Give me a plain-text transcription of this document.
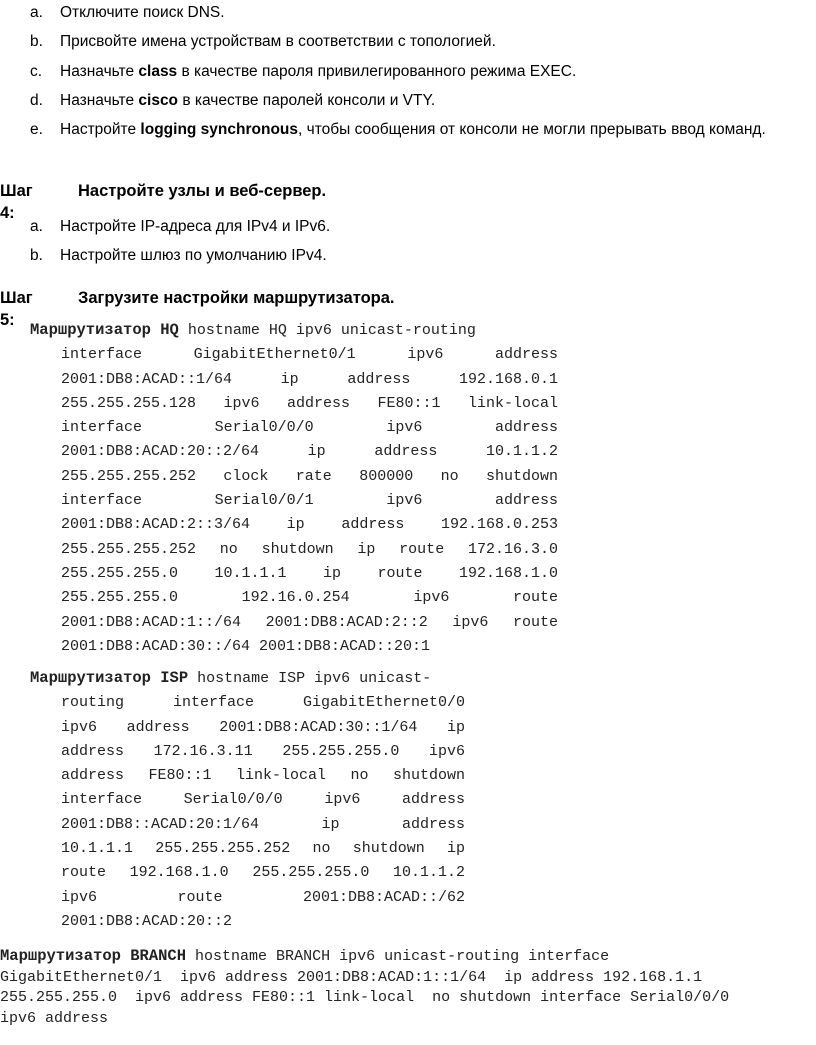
a. Отключите поиск DNS.
b. Присвойте имена устройствам в соответствии с топологией.
c. Назначьте class в качестве пароля привилегированного режима EXEC.
d. Назначьте cisco в качестве паролей консоли и VTY.
e. Настройте logging synchronous, чтобы сообщения от консоли не могли прерывать ввод команд.
Шаг 4:
Настройте узлы и веб-сервер.
a. Настройте IP-адреса для IPv4 и IPv6.
b. Настройте шлюз по умолчанию IPv4.
Шаг 5:
Загрузите настройки маршрутизатора.
Маршрутизатор HQ hostname HQ ipv6 unicast-routing
interface GigabitEthernet0/1 ipv6 address
2001:DB8:ACAD::1/64 ip address 192.168.0.1
255.255.255.128 ipv6 address FE80::1 link-local
interface Serial0/0/0 ipv6 address
2001:DB8:ACAD:20::2/64 ip address 10.1.1.2
255.255.255.252 clock rate 800000 no shutdown
interface Serial0/0/1 ipv6 address
2001:DB8:ACAD:2::3/64 ip address 192.168.0.253
255.255.255.252 no shutdown ip route 172.16.3.0
255.255.255.0 10.1.1.1 ip route 192.168.1.0
255.255.255.0 192.16.0.254 ipv6 route
2001:DB8:ACAD:1::/64 2001:DB8:ACAD:2::2 ipv6 route
2001:DB8:ACAD:30::/64 2001:DB8:ACAD::20:1
Маршрутизатор ISP hostname ISP ipv6 unicast-
routing interface GigabitEthernet0/0
ipv6 address 2001:DB8:ACAD:30::1/64 ip
address 172.16.3.11 255.255.255.0 ipv6
address FE80::1 link-local no shutdown
interface Serial0/0/0 ipv6 address
2001:DB8::ACAD:20:1/64 ip address
10.1.1.1 255.255.255.252 no shutdown ip
route 192.168.1.0 255.255.255.0 10.1.1.2
ipv6 route 2001:DB8:ACAD::/62
2001:DB8:ACAD:20::2
Маршрутизатор BRANCH hostname BRANCH ipv6 unicast-routing interface
GigabitEthernet0/1  ipv6 address 2001:DB8:ACAD:1::1/64  ip address 192.168.1.1
255.255.255.0  ipv6 address FE80::1 link-local  no shutdown interface Serial0/0/0
ipv6 address
